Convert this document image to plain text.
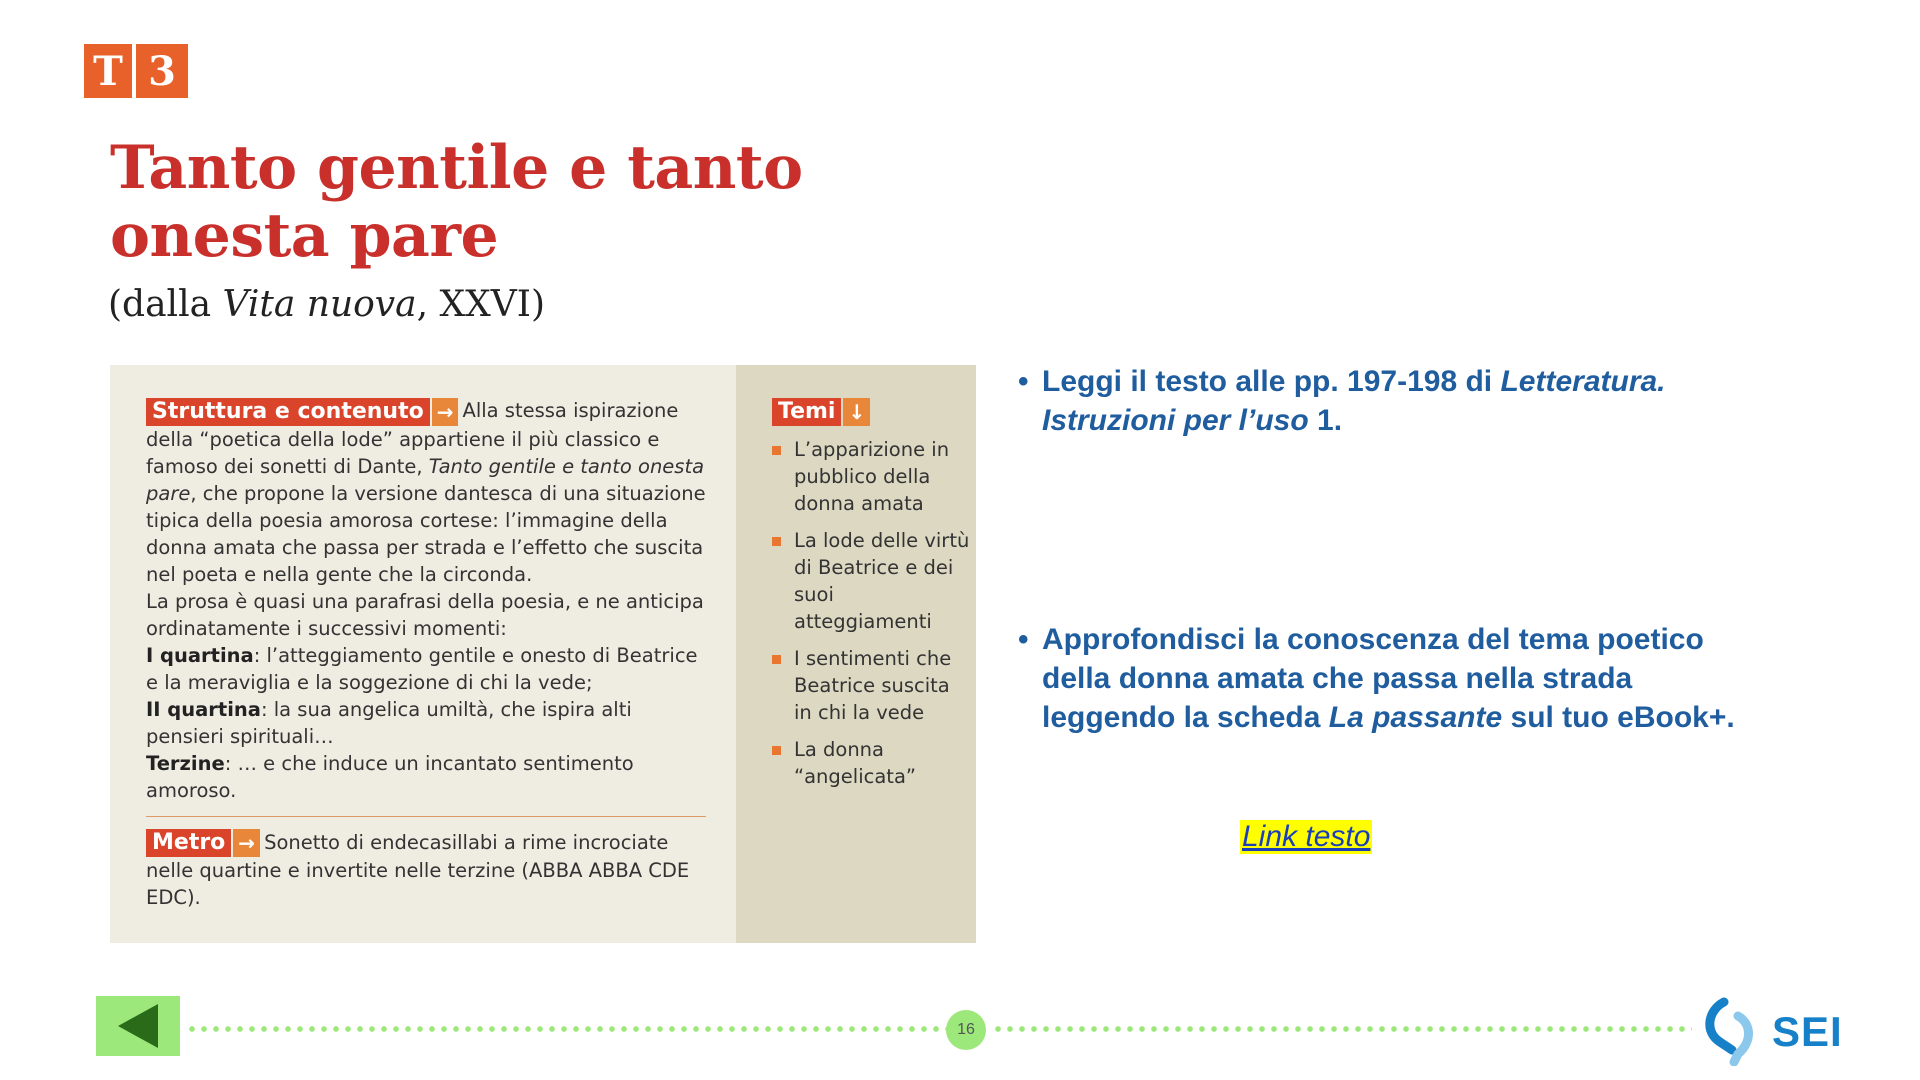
T 3
Tanto gentile e tanto onesta pare
(dalla Vita nuova, XXVI)

Struttura e contenuto → Alla stessa ispirazione della “poetica della lode” appartiene il più classico e famoso dei sonetti di Dante, Tanto gentile e tanto onesta pare, che propone la versione dantesca di una situazione tipica della poesia amorosa cortese: l’immagine della donna amata che passa per strada e l’effetto che suscita nel poeta e nella gente che la circonda.

La prosa è quasi una parafrasi della poesia, e ne anticipa ordinatamente i successivi momenti:

I quartina: l’atteggiamento gentile e onesto di Beatrice e la meraviglia e la soggezione di chi la vede;

II quartina: la sua angelica umiltà, che ispira alti pensieri spirituali…

Terzine: … e che induce un incantato sentimento amoroso.

Metro → Sonetto di endecasillabi a rime incrociate nelle quartine e invertite nelle terzine (ABBA ABBA CDE EDC).

Temi ↓
L’apparizione in pubblico della donna amata
La lode delle virtù di Beatrice e dei suoi atteggiamenti
I sentimenti che Beatrice suscita in chi la vede
La donna “angelicata”
• Leggi il testo alle pp. 197-198 di Letteratura. Istruzioni per l’uso 1.
• Approfondisci la conoscenza del tema poetico della donna amata che passa nella strada leggendo la scheda La passante sul tuo eBook+.
Link testo
16	SEI
